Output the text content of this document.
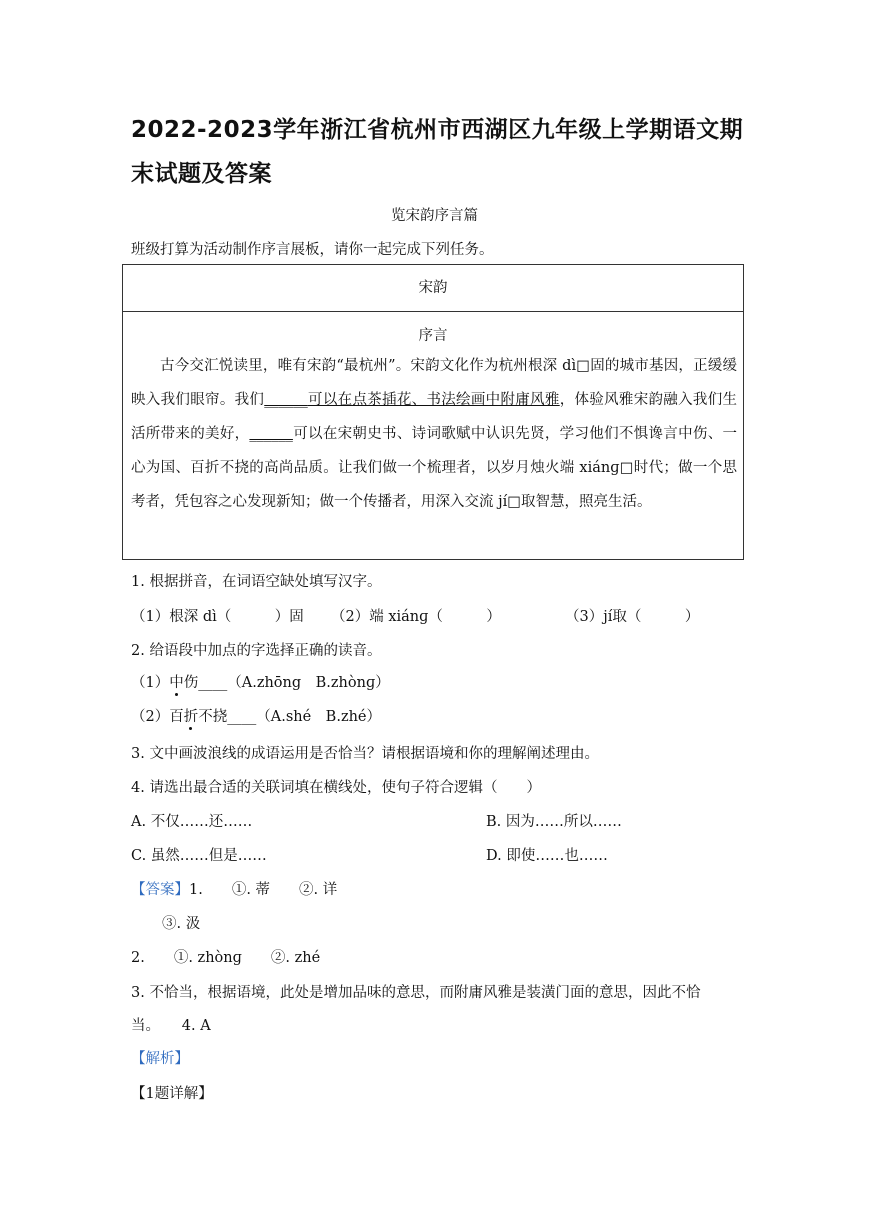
2022-2023学年浙江省杭州市西湖区九年级上学期语文期末试题及答案
览宋韵序言篇
班级打算为活动制作序言展板，请你一起完成下列任务。
宋韵
序言

古今交汇悦读里，唯有宋韵“最杭州”。宋韵文化作为杭州根深 dì□固的城市基因，正缓缓映入我们眼帘。我们______可以在点茶插花、书法绘画中附庸风雅，体验风雅宋韵融入我们生活所带来的美好，______可以在宋朝史书、诗词歌赋中认识先贤，学习他们不惧谗言中伤、一心为国、百折不挠的高尚品质。让我们做一个梳理者，以岁月烛火端 xiánɡ□时代；做一个思考者，凭包容之心发现新知；做一个传播者，用深入交流 jí□取智慧，照亮生活。

1. 根据拼音，在词语空缺处填写汉字。
（1）根深 dì（　　　）固 （2）端 xiánɡ（　　　）	（3）jí取（　　　）
2. 给语段中加点的字选择正确的读音。
（1）中伤____（A.zhōng　B.zhònɡ）
（2）百折不挠____（A.shé　B.zhé）
3. 文中画波浪线的成语运用是否恰当？请根据语境和你的理解阐述理由。
4. 请选出最合适的关联词填在横线处，使句子符合逻辑（　　）
A. 不仅……还……	B. 因为……所以……
C. 虽然……但是……	D. 即使……也……
【答案】1.　　①. 蒂　　②. 详
③. 汲
2.　　①. zhònɡ　　②. zhé
3. 不恰当，根据语境，此处是增加品味的意思，而附庸风雅是装潢门面的意思，因此不恰
当。　　4. A
【解析】
【1题详解】
